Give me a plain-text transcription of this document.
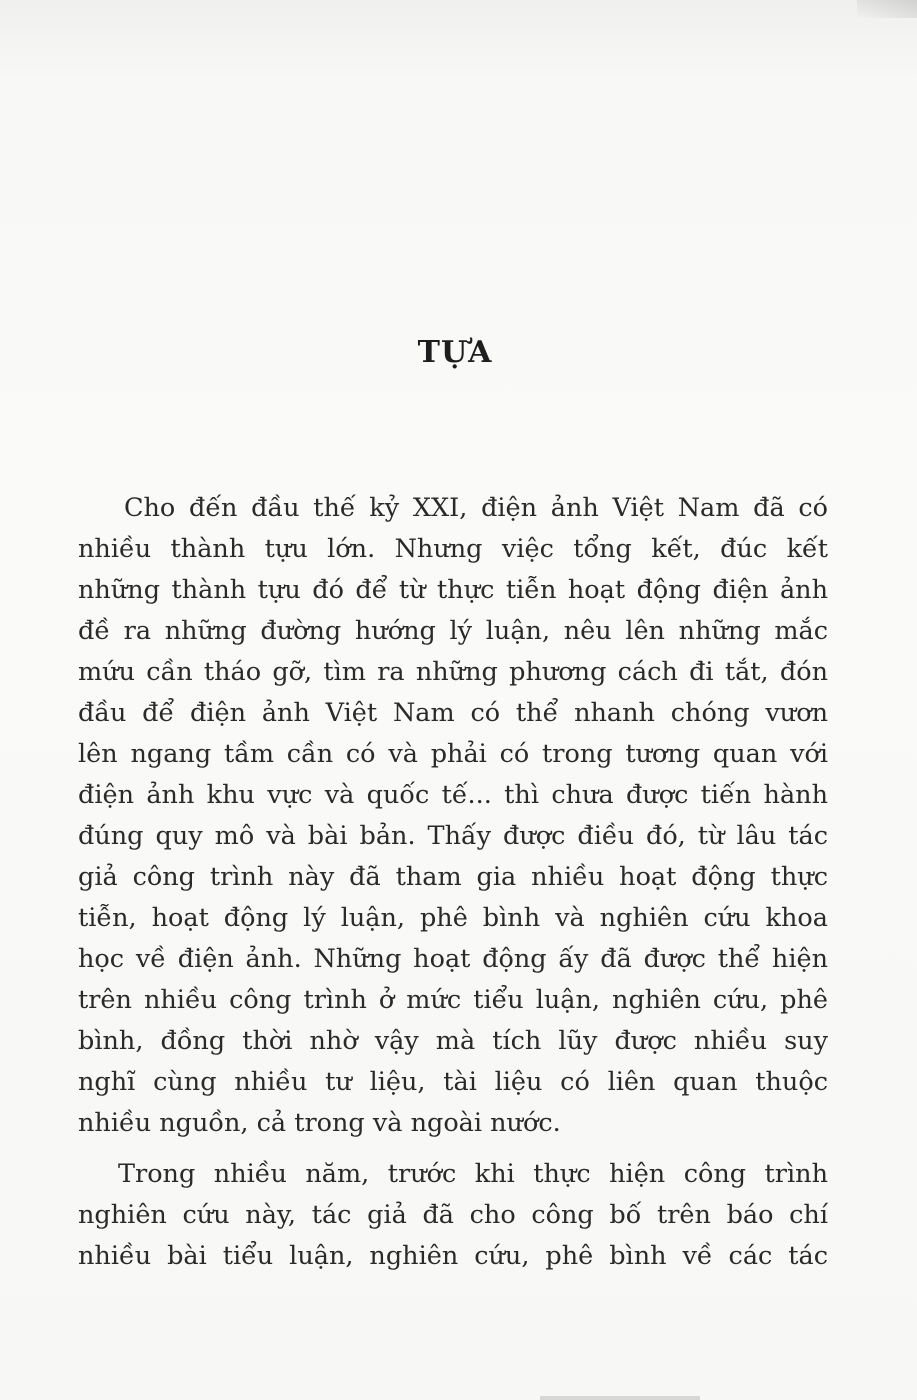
TỰA
Cho đến đầu thế kỷ XXI, điện ảnh Việt Nam đã có
nhiều thành tựu lớn. Nhưng việc tổng kết, đúc kết
những thành tựu đó để từ thực tiễn hoạt động điện ảnh
đề ra những đường hướng lý luận, nêu lên những mắc
mứu cần tháo gỡ, tìm ra những phương cách đi tắt, đón
đầu để điện ảnh Việt Nam có thể nhanh chóng vươn
lên ngang tầm cần có và phải có trong tương quan với
điện ảnh khu vực và quốc tế... thì chưa được tiến hành
đúng quy mô và bài bản. Thấy được điều đó, từ lâu tác
giả công trình này đã tham gia nhiều hoạt động thực
tiễn, hoạt động lý luận, phê bình và nghiên cứu khoa
học về điện ảnh. Những hoạt động ấy đã được thể hiện
trên nhiều công trình ở mức tiểu luận, nghiên cứu, phê
bình, đồng thời nhờ vậy mà tích lũy được nhiều suy
nghĩ cùng nhiều tư liệu, tài liệu có liên quan thuộc
nhiều nguồn, cả trong và ngoài nước.
Trong nhiều năm, trước khi thực hiện công trình
nghiên cứu này, tác giả đã cho công bố trên báo chí
nhiều bài tiểu luận, nghiên cứu, phê bình về các tác
